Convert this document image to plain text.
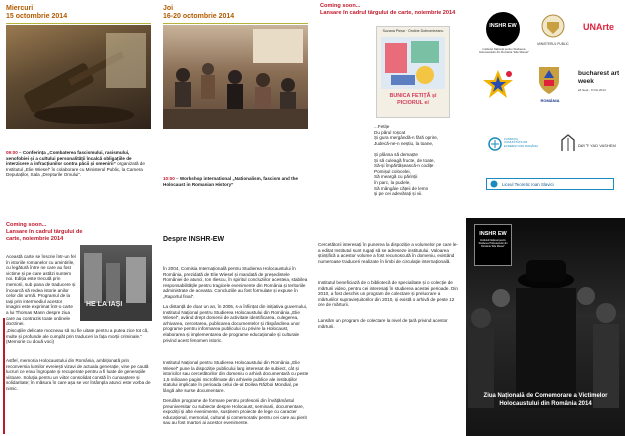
Miercuri
15 octombrie 2014
09:00 – Conferința „Combaterea fascismului, rasismului, xenofobiei și a cultului personalității încalcă obligațiile de interzicere a infracțiunilor contra păcii și omenirii” organizată de Institutul „Elie Wiesel” în colaborare cu Ministerul Public, la Camera Deputaților, Sala „Drepturile Omului”.
Joi
16-20 octombrie 2014
10:00 – Workshop international „Nationalism, fascism and the Holocaust in Romanian History”
Coming soon...
Lansare în cadrul târgului de carte, noiembrie 2014
Suzana Pleșa · Ondine Dobromireanu
BUNICA FETIȚĂ și PICIORUL ei
...Fetițe
Du părul roșcat
Și gura mergândă-n fără oprire,
Judecă-ne-n neștiu, la toane,

Și plânsa să demaște
Și să culeagă fructe, de toate,
Să-și împărtășească-n codițe
Pomișul colocelei,
Să meargă cu părinții
în parc, la pudele,
Să mângâie cățeii de lemn
și pe cei adevărați și vii.
INSHR EW
Institutul Național pentru Studierea Holocaustului din România "Elie Wiesel"
MINISTERUL PUBLIC
UNArte
ROMÂNIA
bucharest art week
24 Sept - 9 Oct 2014
FUNDAȚIA COMUNITĂȚILOR EVREIEȘTI DIN ROMÂNIA	יד ושם YAD VASHEM
Liceul Teoretic Ioan Slavici
Coming soon...
Lansare în cadrul târgului de carte, noiembrie 2014
HE LA IAȘI
Această carte se înscrie într-un fel în istoriile romanelor cu amintirile, cu legătură între ne care au fost victime și pe care astăzi suntem noi. Ediția este trecută prin memorii, sub pana de traducere și încearcă să redea istorie anilor celor din urmă. Programul de la Iași prin intermediul acestor imagini este exprimat într-o carte a lui Thomas Mann despre ziua care au contrazis toate ordinele doctrinei.
„Discuțiile delicate mocneau să nu fie uitate pentru a putea zice tot că, multe și profunde ale cumpăt prin traduceri la fața morții criminale.” (Memorie cu două voci)
Astfel, memoria Holocaustului din România, ambiționată prin reconversia lumilor evreiești vizavi de actuala generație, vine pe caută lucruri ce erau îngropate și recuperate pentru a fi luate de generațiile viitoare. Soluția pentru un viitor consolidat constă în cunoaștere și solidaritate; în măsura în care așa se vor întâmpla atunci este vorba de nimic.
Despre INSHR-EW
În 2004, Comisia Internațională pentru Studierea Holocaustului în România, prezidată de Elie Wiesel și mandată de președintele României de atunci, Ion Iliescu, în spiritul concluziilor acesteia, stabilea responsabilitățile pentru tragicele evenimente din România și teritoriile administrate de aceasta. Concluziile au fost formulate și expuse în „Raportul final”.
La distanță de doar un an, în 2005, s-a înființat din inițiativa guvernului, Institutul Național pentru Studierea Holocaustului din România „Elie Wiesel”, având drept domenii de activitate identificarea, culegerea, arhivarea, cercetarea, publicarea documentelor și răspândirea unor programe pentru informarea publicului cu privire la Holocaust, elaborarea și implementarea de programe educaționale și culturale privind acest fenomen istoric.
Institutul Național pentru Studierea Holocaustului din România „Elie Wiesel” pune la dispoziție publicului larg interesat de subiect, cât și istoricilor sau cercetătorilor din domeniu o arhivă documentară cu peste 1,5 milioane pagini microfilmate din arhivele publice ale instituțiilor statului implicate în perioada celui de-al Doilea Război Mondial, pe lângă alte surse documentare.
Derulăm programe de formare pentru profesorii din învățământul preuniversitar cu subiecte despre Holocaust, seminarii, documentare, expoziții și alte evenimente, susținem proiecte de lege cu caracter educațional, memorial, cultural și comemorativ pentru cei care au pierit sau au fost martori ai acestor evenimente.
Cercetătorii interesați în punerea la dispoziție a volumelor pe care le-a editat Institutul sunt rugați să se adreseze institutului. Valoarea științifică a acestor volume a fost recunoscută în domeniu, existând numeroase traduceri realizate în limbi de circulație internațională.
Institutul beneficiază de o bibliotecă de specialitate și o colecție de mărturii video, pentru cei interesați în studierea acestei perioade. Din 2010, a fost deschis un program de colectare și prelucrare a mărturiilor supraviețuitorilor din 2010, și există o arhivă de peste 12 ore de mărturii.
Lansăm un program de colectare la nivel de țară privind acestor mărturii.
INSHR EW
Institutul Național pentru Studierea Holocaustului din România "Elie Wiesel"
Ziua Națională de Comemorare a Victimelor Holocaustului din România 2014
